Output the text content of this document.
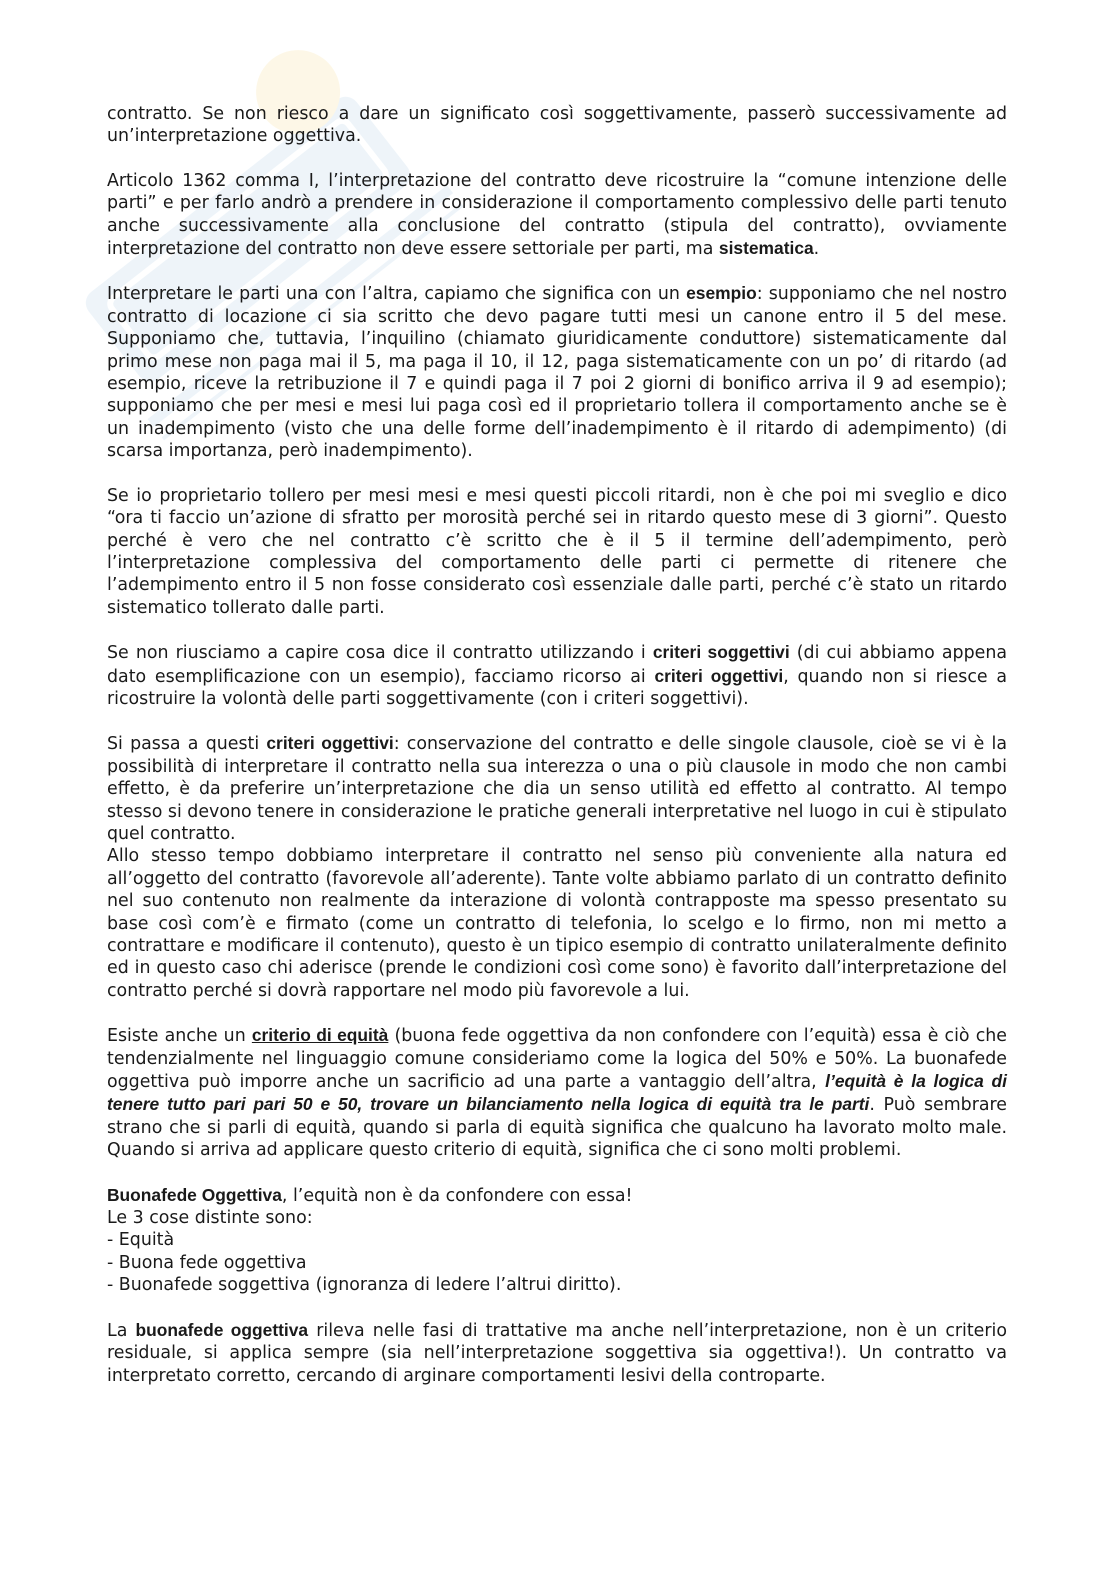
contratto. Se non riesco a dare un significato così soggettivamente, passerò successivamente ad un’interpretazione oggettiva.

Articolo 1362 comma I, l’interpretazione del contratto deve ricostruire la “comune intenzione delle parti” e per farlo andrò a prendere in considerazione il comportamento complessivo delle parti tenuto anche successivamente alla conclusione del contratto (stipula del contratto), ovviamente interpretazione del contratto non deve essere settoriale per parti, ma sistematica.

Interpretare le parti una con l’altra, capiamo che significa con un esempio: supponiamo che nel nostro contratto di locazione ci sia scritto che devo pagare tutti mesi un canone entro il 5 del mese. Supponiamo che, tuttavia, l’inquilino (chiamato giuridicamente conduttore) sistematicamente dal primo mese non paga mai il 5, ma paga il 10, il 12, paga sistematicamente con un po’ di ritardo (ad esempio, riceve la retribuzione il 7 e quindi paga il 7 poi 2 giorni di bonifico arriva il 9 ad esempio); supponiamo che per mesi e mesi lui paga così ed il proprietario tollera il comportamento anche se è un inadempimento (visto che una delle forme dell’inadempimento è il ritardo di adempimento) (di scarsa importanza, però inadempimento).

Se io proprietario tollero per mesi mesi e mesi questi piccoli ritardi, non è che poi mi sveglio e dico “ora ti faccio un’azione di sfratto per morosità perché sei in ritardo questo mese di 3 giorni”. Questo perché è vero che nel contratto c’è scritto che è il 5 il termine dell’adempimento, però l’interpretazione complessiva del comportamento delle parti ci permette di ritenere che l’adempimento entro il 5 non fosse considerato così essenziale dalle parti, perché c’è stato un ritardo sistematico tollerato dalle parti.

Se non riusciamo a capire cosa dice il contratto utilizzando i criteri soggettivi (di cui abbiamo appena dato esemplificazione con un esempio), facciamo ricorso ai criteri oggettivi, quando non si riesce a ricostruire la volontà delle parti soggettivamente (con i criteri soggettivi).

Si passa a questi criteri oggettivi: conservazione del contratto e delle singole clausole, cioè se vi è la possibilità di interpretare il contratto nella sua interezza o una o più clausole in modo che non cambi effetto, è da preferire un’interpretazione che dia un senso utilità ed effetto al contratto. Al tempo stesso si devono tenere in considerazione le pratiche generali interpretative nel luogo in cui è stipulato quel contratto.

Allo stesso tempo dobbiamo interpretare il contratto nel senso più conveniente alla natura ed all’oggetto del contratto (favorevole all’aderente). Tante volte abbiamo parlato di un contratto definito nel suo contenuto non realmente da interazione di volontà contrapposte ma spesso presentato su base così com’è e firmato (come un contratto di telefonia, lo scelgo e lo firmo, non mi metto a contrattare e modificare il contenuto), questo è un tipico esempio di contratto unilateralmente definito ed in questo caso chi aderisce (prende le condizioni così come sono) è favorito dall’interpretazione del contratto perché si dovrà rapportare nel modo più favorevole a lui.

Esiste anche un criterio di equità (buona fede oggettiva da non confondere con l’equità) essa è ciò che tendenzialmente nel linguaggio comune consideriamo come la logica del 50% e 50%. La buonafede oggettiva può imporre anche un sacrificio ad una parte a vantaggio dell’altra, l’equità è la logica di tenere tutto pari pari 50 e 50, trovare un bilanciamento nella logica di equità tra le parti. Può sembrare strano che si parli di equità, quando si parla di equità significa che qualcuno ha lavorato molto male. Quando si arriva ad applicare questo criterio di equità, significa che ci sono molti problemi.

Buonafede Oggettiva, l’equità non è da confondere con essa!
Le 3 cose distinte sono:
- Equità
- Buona fede oggettiva
- Buonafede soggettiva (ignoranza di ledere l’altrui diritto).

La buonafede oggettiva rileva nelle fasi di trattative ma anche nell’interpretazione, non è un criterio residuale, si applica sempre (sia nell’interpretazione soggettiva sia oggettiva!). Un contratto va interpretato corretto, cercando di arginare comportamenti lesivi della controparte.
